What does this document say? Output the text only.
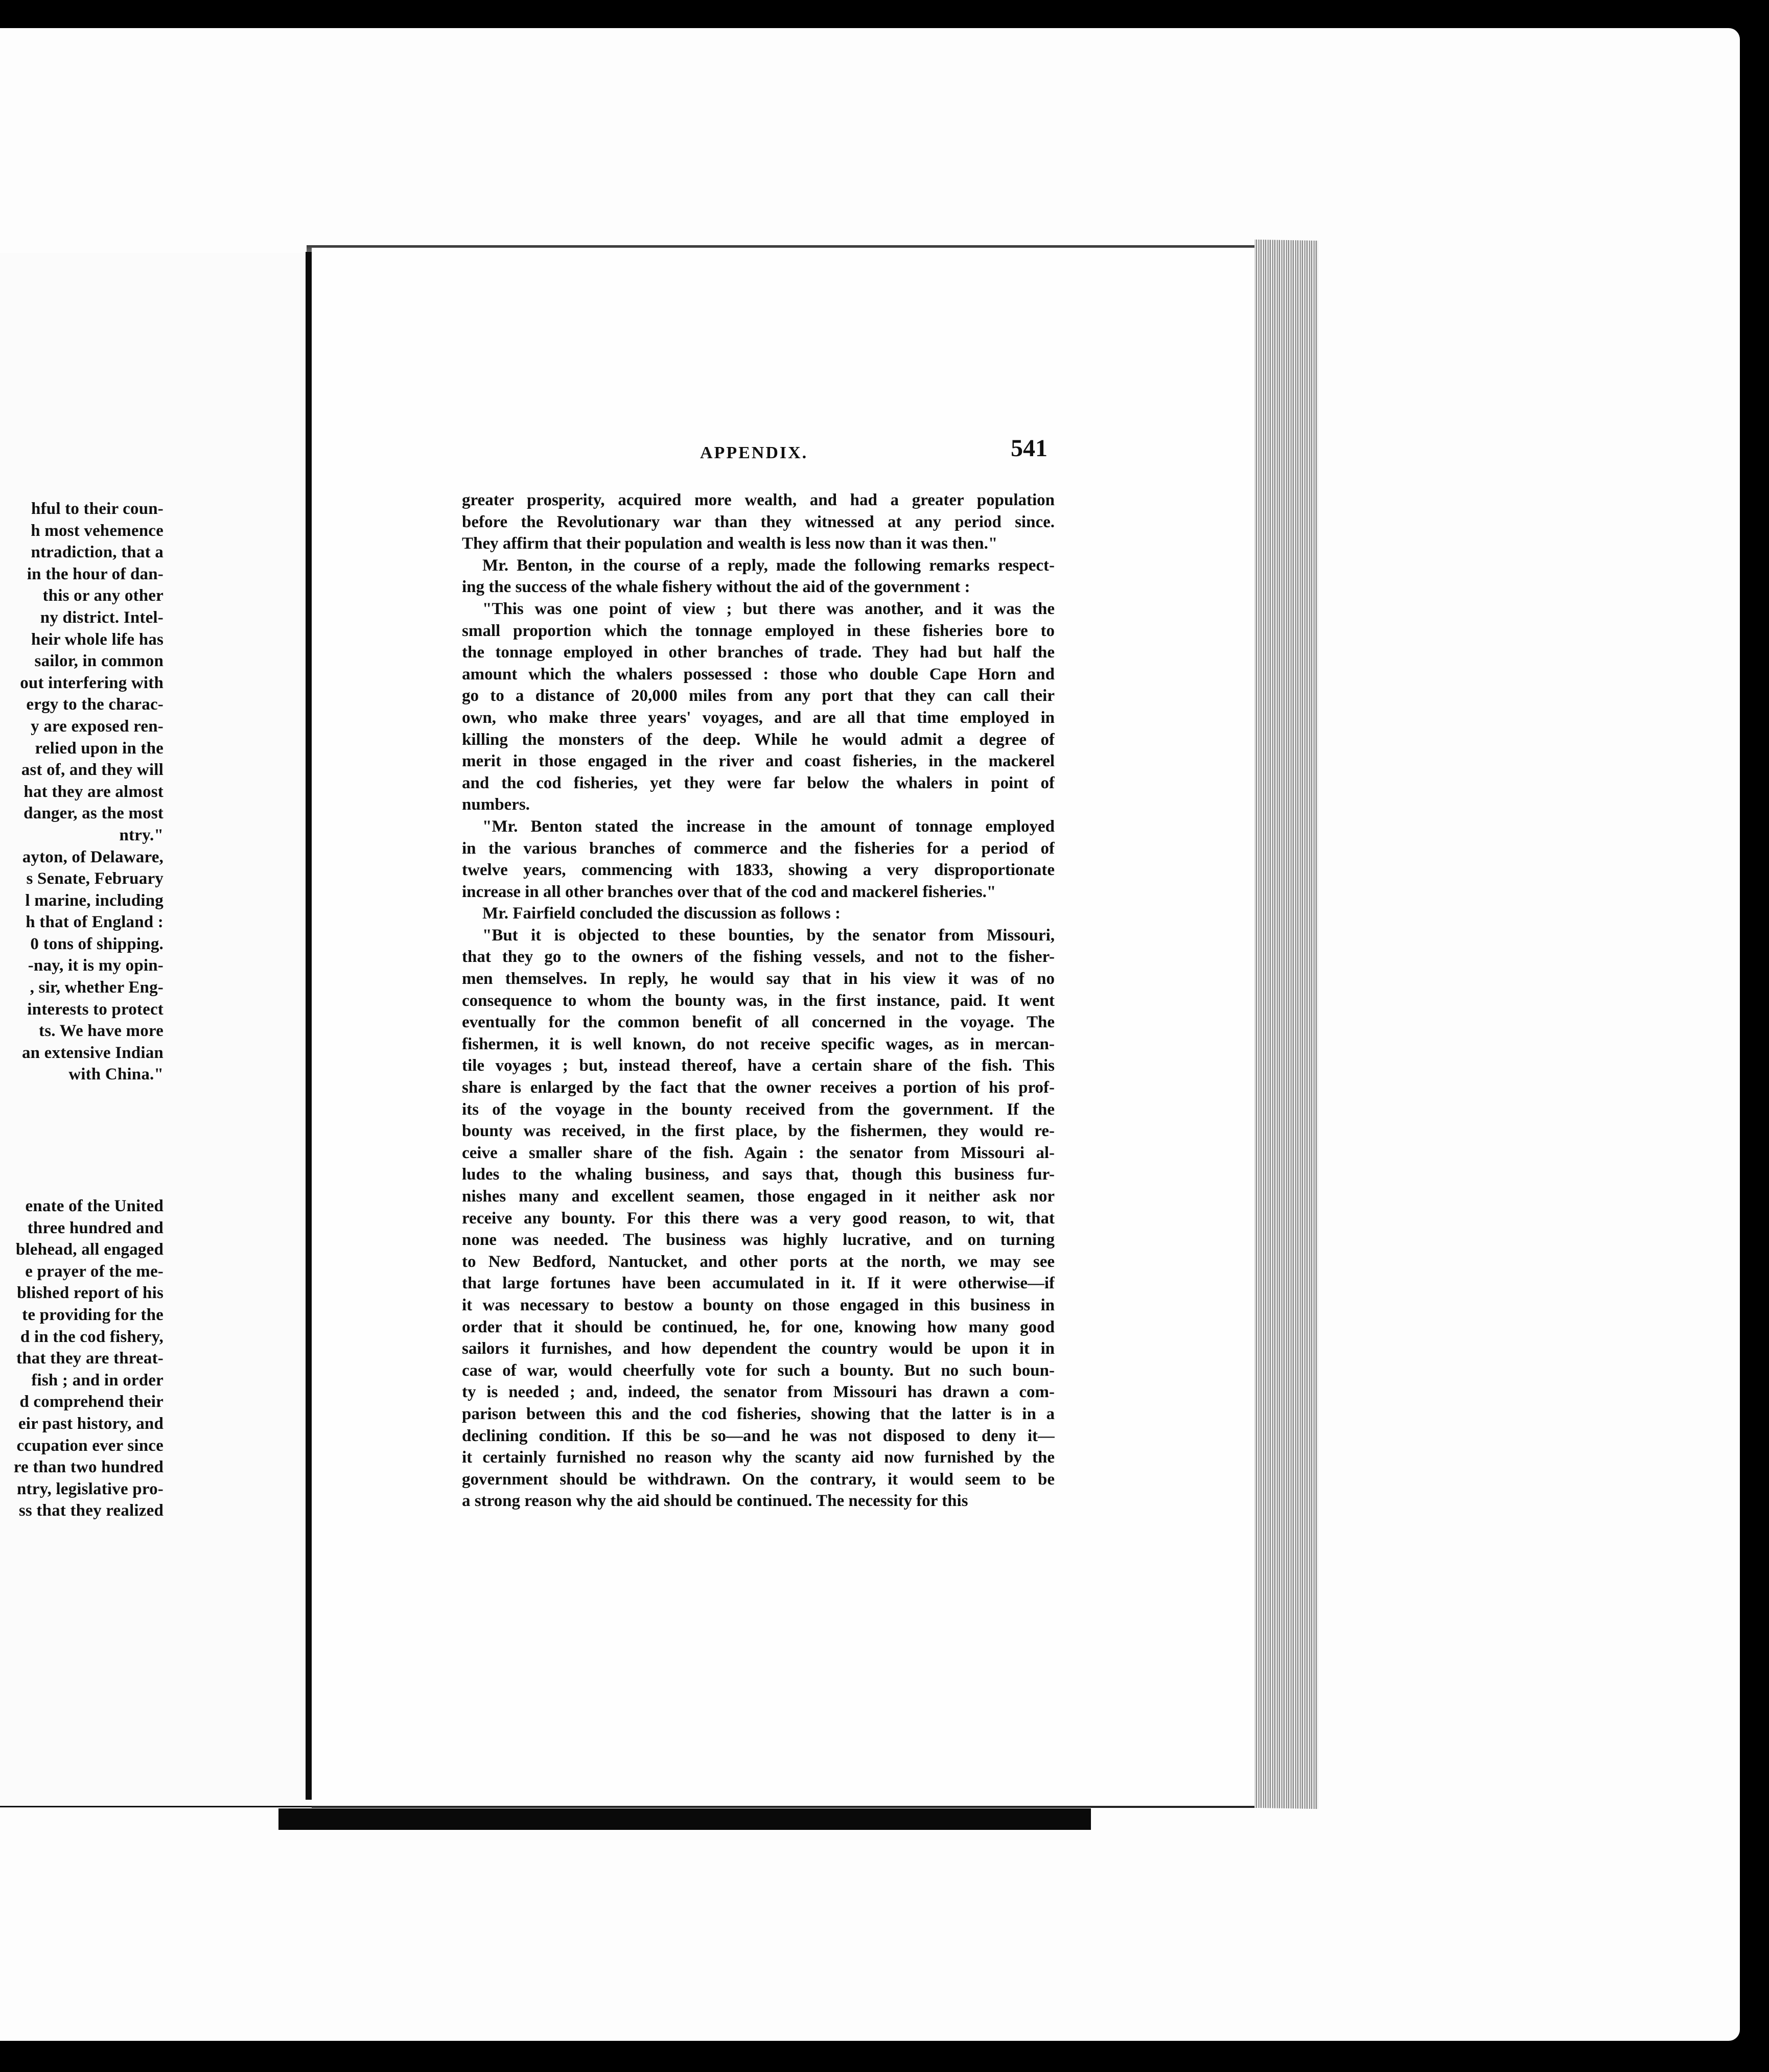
hful to their coun-
h most vehemence
ntradiction, that a
in the hour of dan-
this or any other
ny district. Intel-
heir whole life has
sailor, in common
out interfering with
ergy to the charac-
y are exposed ren-
relied upon in the
ast of, and they will
hat they are almost
danger, as the most
ntry."
ayton, of Delaware,
s Senate, February
l marine, including
h that of England :
0 tons of shipping.
-nay, it is my opin-
, sir, whether Eng-
interests to protect
ts. We have more
an extensive Indian
with China."
enate of the United
three hundred and
blehead, all engaged
e prayer of the me-
blished report of his
te providing for the
d in the cod fishery,
that they are threat-
fish ; and in order
d comprehend their
eir past history, and
ccupation ever since
re than two hundred
ntry, legislative pro-
ss that they realized
APPENDIX.	541
greater prosperity, acquired more wealth, and had a greater population
before the Revolutionary war than they witnessed at any period since.
They affirm that their population and wealth is less now than it was then."
Mr. Benton, in the course of a reply, made the following remarks respect-
ing the success of the whale fishery without the aid of the government :
"This was one point of view ; but there was another, and it was the
small proportion which the tonnage employed in these fisheries bore to
the tonnage employed in other branches of trade. They had but half the
amount which the whalers possessed : those who double Cape Horn and
go to a distance of 20,000 miles from any port that they can call their
own, who make three years' voyages, and are all that time employed in
killing the monsters of the deep. While he would admit a degree of
merit in those engaged in the river and coast fisheries, in the mackerel
and the cod fisheries, yet they were far below the whalers in point of
numbers.
"Mr. Benton stated the increase in the amount of tonnage employed
in the various branches of commerce and the fisheries for a period of
twelve years, commencing with 1833, showing a very disproportionate
increase in all other branches over that of the cod and mackerel fisheries."
Mr. Fairfield concluded the discussion as follows :
"But it is objected to these bounties, by the senator from Missouri,
that they go to the owners of the fishing vessels, and not to the fisher-
men themselves. In reply, he would say that in his view it was of no
consequence to whom the bounty was, in the first instance, paid. It went
eventually for the common benefit of all concerned in the voyage. The
fishermen, it is well known, do not receive specific wages, as in mercan-
tile voyages ; but, instead thereof, have a certain share of the fish. This
share is enlarged by the fact that the owner receives a portion of his prof-
its of the voyage in the bounty received from the government. If the
bounty was received, in the first place, by the fishermen, they would re-
ceive a smaller share of the fish. Again : the senator from Missouri al-
ludes to the whaling business, and says that, though this business fur-
nishes many and excellent seamen, those engaged in it neither ask nor
receive any bounty. For this there was a very good reason, to wit, that
none was needed. The business was highly lucrative, and on turning
to New Bedford, Nantucket, and other ports at the north, we may see
that large fortunes have been accumulated in it. If it were otherwise—if
it was necessary to bestow a bounty on those engaged in this business in
order that it should be continued, he, for one, knowing how many good
sailors it furnishes, and how dependent the country would be upon it in
case of war, would cheerfully vote for such a bounty. But no such boun-
ty is needed ; and, indeed, the senator from Missouri has drawn a com-
parison between this and the cod fisheries, showing that the latter is in a
declining condition. If this be so—and he was not disposed to deny it—
it certainly furnished no reason why the scanty aid now furnished by the
government should be withdrawn. On the contrary, it would seem to be
a strong reason why the aid should be continued. The necessity for this
